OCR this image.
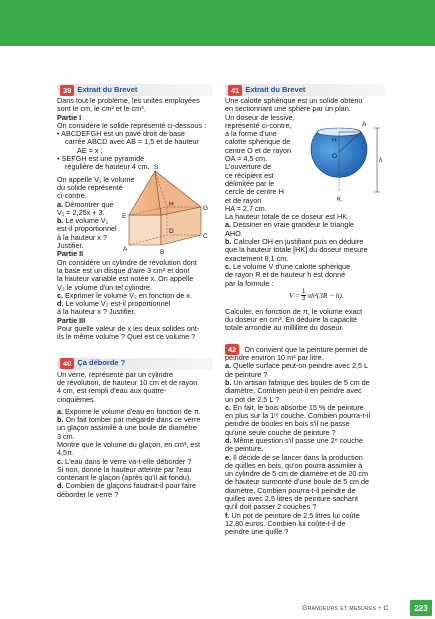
39 Extrait du Brevet

Dans tout le problème, les unités employées

sont le cm, le cm² et le cm³.

Partie I

On considère le solide représenté ci-dessous :

• ABCDEFGH est un pavé droit de base

carrée ABCD avec AB = 1,5 et de hauteur

AE = x ;

• SEFGH est une pyramide

régulière de hauteur 4 cm.

On appelle V₁ le volume

du solide représenté

ci-contre.

a. Démontrer que

V₁ = 2,25x + 3.

b. Le volume V₁

est-il proportionnel

à la hauteur x ?

Justifier.

Partie II

On considère un cylindre de révolution dont

la base est un disque d'aire 3 cm² et dont

la hauteur variable est notée x. On appelle

V₂ le volume d'un tel cylindre.

c. Exprimer le volume V₂ en fonction de x.

d. Le volume V₂ est-il proportionnel

à la hauteur x ? Justifier.

Partie III

Pour quelle valeur de x les deux solides ont-

ils le même volume ? Quel est ce volume ?

40 Ça déborde ?

Un verre, représenté par un cylindre

de révolution, de hauteur 10 cm et de rayon

4 cm, est rempli d'eau aux quatre-

cinquièmes.

a. Exprime le volume d'eau en fonction de π.

b. On fait tomber par mégarde dans ce verre

un glaçon assimilé à une boule de diamètre

3 cm.

Montre que le volume du glaçon, en cm³, est

4,5π.

c. L'eau dans le verre va-t-elle déborder ?

Si non, donne la hauteur atteinte par l'eau

contenant le glaçon (après qu'il ait fondu).

d. Combien de glaçons faudrait-il pour faire

déborder le verre ?

S
H
G
E
D
C
A	B
41 Extrait du Brevet

Une calotte sphérique est un solide obtenu

en sectionnant une sphère par un plan.

Un doseur de lessive,

représenté ci-contre,

a la forme d'une

calotte sphérique de

centre O et de rayon

OA = 4,5 cm.

L'ouverture de

ce récipient est

délimitée par le

cercle de centre H

et de rayon

HA = 2,7 cm.

La hauteur totale de ce doseur est HK.

a. Dessiner en vraie grandeur le triangle

AHO.

b. Calculer OH en justifiant puis en déduire

que la hauteur totale [HK] du doseur mesure

exactement 8,1 cm.

c. Le volume V d'une calotte sphérique

de rayon R et de hauteur h est donné

par la formule :

$V = \frac{1}{3} \pi h^2(3R - h)$.

Calculer, en fonction de π, le volume exact

du doseur en cm³. En déduire la capacité

totale arrondie au millilitre du doseur.

42 On convient que la peinture permet de

peindre environ 10 m² par litre.

a. Quelle surface peut-on peindre avec 2,5 L

de peinture ?

b. Un artisan fabrique des boules de 5 cm de

diamètre. Combien peut-il en peindre avec

un pot de 2,5 L ?

c. En fait, le bois absorbe 15 % de peinture

en plus sur la 1ʳᵉ couche. Combien pourra-t-il

peindre de boules en bois s'il ne passe

qu'une seule couche de peinture ?

d. Même question s'il passe une 2ᵉ couche

de peinture.

e. Il décide de se lancer dans la production

de quilles en bois, qu'on pourra assimiler à

un cylindre de 5 cm de diamètre et de 20 cm

de hauteur surmonté d'une boule de 5 cm de

diamètre. Combien pourra-t-il peindre de

quilles avec 2,5 litres de peinture sachant

qu'il doit passer 2 couches ?

f. Un pot de peinture de 2,5 litres lui coûte

12,80 euros. Combien lui coûte-t-il de

peindre une quille ?

A
H
O
K
h
Grandeurs et mesures • C	223
